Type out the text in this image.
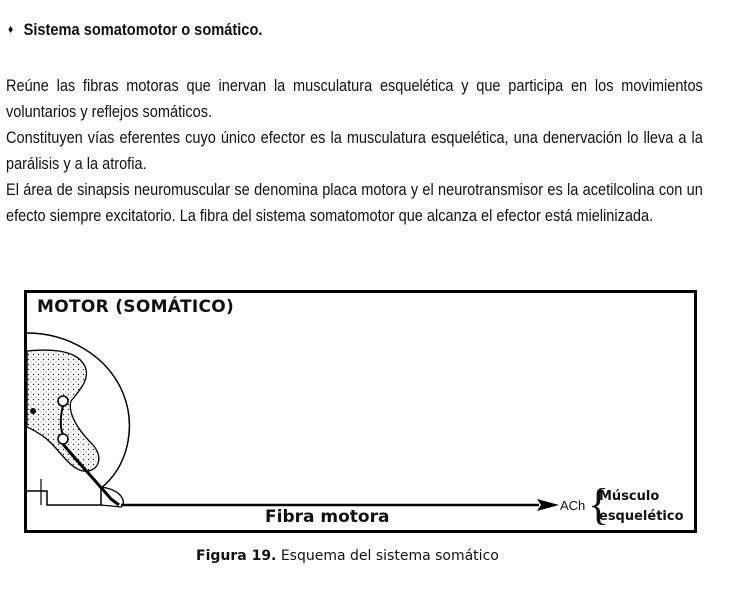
♦ Sistema somatomotor o somático.
Reúne las fibras motoras que inervan la musculatura esquelética y que participa en los movimientos voluntarios y reflejos somáticos.
Constituyen vías eferentes cuyo único efector es la musculatura esquelética, una denervación lo lleva a la parálisis y a la atrofia.
El área de sinapsis neuromuscular se denomina placa motora y el neurotransmisor es la acetilcolina con un efecto siempre excitatorio. La fibra del sistema somatomotor que alcanza el efector está mielinizada.
MOTOR (SOMÁTICO)
Fibra motora
ACh {
Músculo
esquelético
Figura 19. Esquema del sistema somático
